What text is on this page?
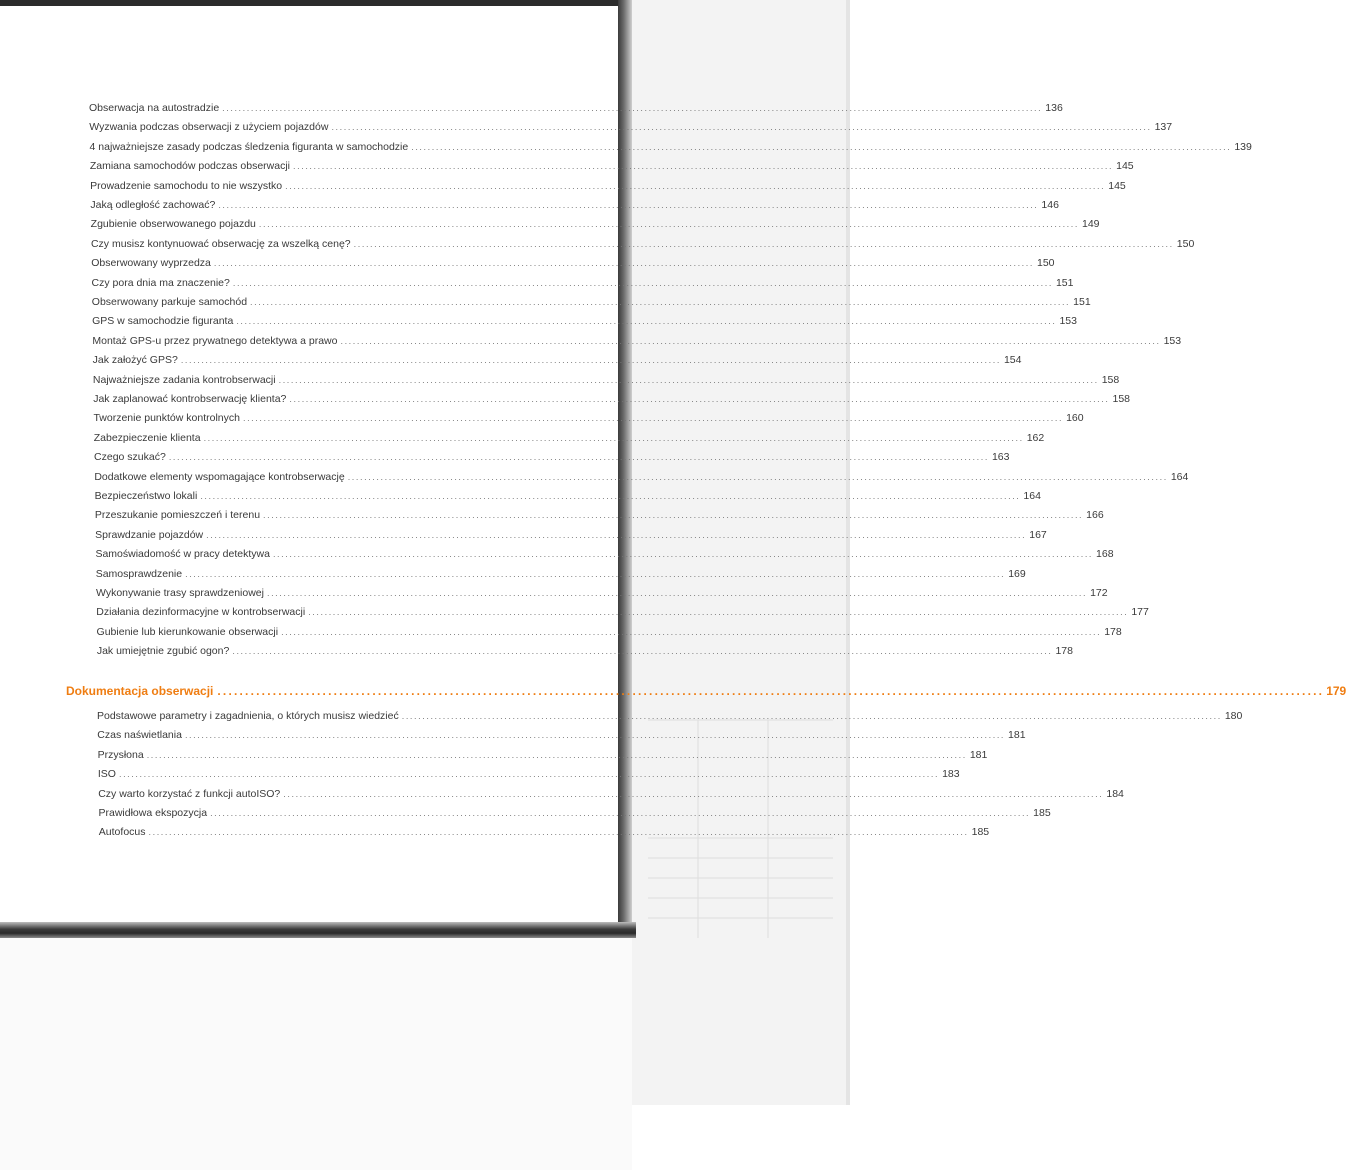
Obserwacja na autostradzie ........................................................................................................................................................................................................ 136
Wyzwania podczas obserwacji z użyciem pojazdów ........................................................................................................................................................................................................ 137
4 najważniejsze zasady podczas śledzenia figuranta w samochodzie ........................................................................................................................................................................................................ 139
Zamiana samochodów podczas obserwacji ........................................................................................................................................................................................................ 145
Prowadzenie samochodu to nie wszystko ........................................................................................................................................................................................................ 145
Jaką odległość zachować? ........................................................................................................................................................................................................ 146
Zgubienie obserwowanego pojazdu ........................................................................................................................................................................................................ 149
Czy musisz kontynuować obserwację za wszelką cenę? ........................................................................................................................................................................................................ 150
Obserwowany wyprzedza ........................................................................................................................................................................................................ 150
Czy pora dnia ma znaczenie? ........................................................................................................................................................................................................ 151
Obserwowany parkuje samochód ........................................................................................................................................................................................................ 151
GPS w samochodzie figuranta ........................................................................................................................................................................................................ 153
Montaż GPS-u przez prywatnego detektywa a prawo ........................................................................................................................................................................................................ 153
Jak założyć GPS? ........................................................................................................................................................................................................ 154
Najważniejsze zadania kontrobserwacji ........................................................................................................................................................................................................ 158
Jak zaplanować kontrobserwację klienta? ........................................................................................................................................................................................................ 158
Tworzenie punktów kontrolnych ........................................................................................................................................................................................................ 160
Zabezpieczenie klienta ........................................................................................................................................................................................................ 162
Czego szukać? ........................................................................................................................................................................................................ 163
Dodatkowe elementy wspomagające kontrobserwację ........................................................................................................................................................................................................ 164
Bezpieczeństwo lokali ........................................................................................................................................................................................................ 164
Przeszukanie pomieszczeń i terenu ........................................................................................................................................................................................................ 166
Sprawdzanie pojazdów ........................................................................................................................................................................................................ 167
Samoświadomość w pracy detektywa ........................................................................................................................................................................................................ 168
Samosprawdzenie ........................................................................................................................................................................................................ 169
Wykonywanie trasy sprawdzeniowej ........................................................................................................................................................................................................ 172
Działania dezinformacyjne w kontrobserwacji ........................................................................................................................................................................................................ 177
Gubienie lub kierunkowanie obserwacji ........................................................................................................................................................................................................ 178
Jak umiejętnie zgubić ogon? ........................................................................................................................................................................................................ 178
Dokumentacja obserwacji ........................................................................................................................................................................................................ 179
Podstawowe parametry i zagadnienia, o których musisz wiedzieć ........................................................................................................................................................................................................ 180
Czas naświetlania ........................................................................................................................................................................................................ 181
Przysłona ........................................................................................................................................................................................................ 181
ISO ........................................................................................................................................................................................................ 183
Czy warto korzystać z funkcji autoISO? ........................................................................................................................................................................................................ 184
Prawidłowa ekspozycja ........................................................................................................................................................................................................ 185
Autofocus ........................................................................................................................................................................................................ 185
